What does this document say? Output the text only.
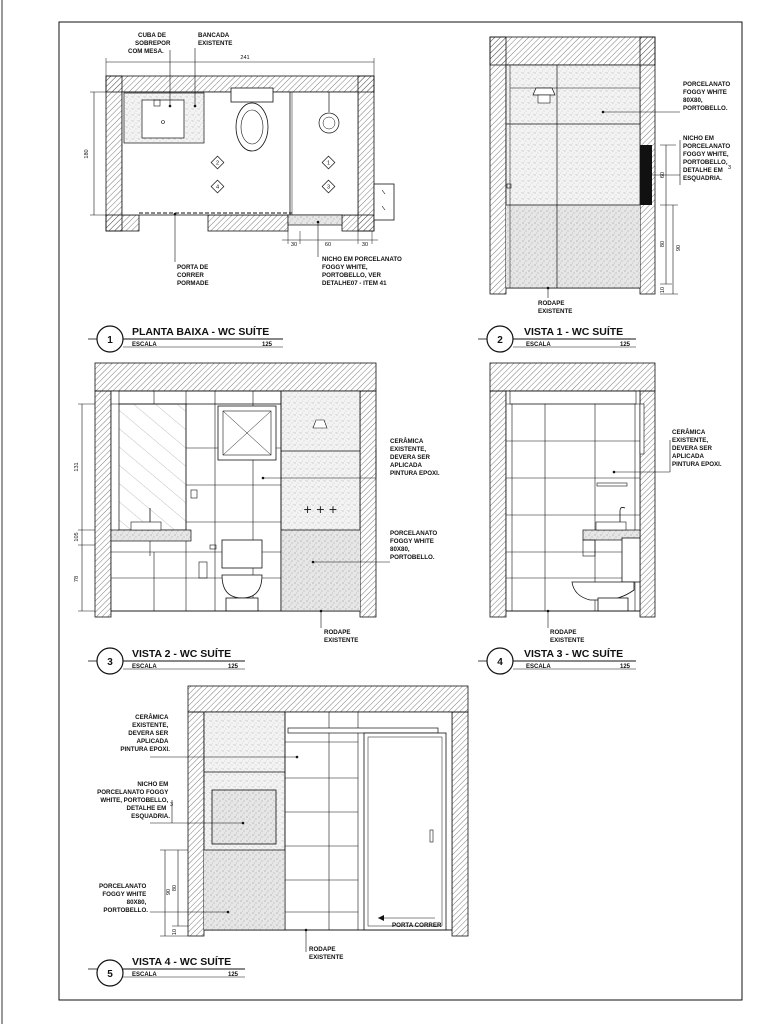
2	1
4	3
241
180
30	60	30
CUBA DE SOBREPOR COM MESA.
BANCADA EXISTENTE
PORTA DE CORRER PORMADE
NICHO EM PORCELANATO FOGGY WHITE, PORTOBELLO, VER DETALHE07 - ITEM 41
60
80
90
10
PORCELANATO FOGGY WHITE 80X80, PORTOBELLO.
NICHO EM PORCELANATO FOGGY WHITE, PORTOBELLO, DETALHE EM ESQUADRIA.
3
RODAPE EXISTENTE
+ + +
131
105
78
CERÂMICA EXISTENTE, DEVERA SER APLICADA PINTURA EPOXI.
PORCELANATO FOGGY WHITE 80X80, PORTOBELLO.
RODAPE EXISTENTE
CERÂMICA EXISTENTE, DEVERA SER APLICADA PINTURA EPOXI.
RODAPE EXISTENTE
90
80
10
CERÂMICA EXISTENTE, DEVERA SER APLICADA PINTURA EPOXI.
NICHO EM PORCELANATO FOGGY WHITE, PORTOBELLO, DETALHE EM ESQUADRIA.
3
PORCELANATO FOGGY WHITE 80X80, PORTOBELLO.
RODAPE EXISTENTE
PORTA CORRER
1
PLANTA BAIXA - WC SUÍTE
ESCALA	125	2
VISTA 1 - WC SUÍTE
ESCALA	125
3
VISTA 2 - WC SUÍTE
ESCALA	125	4
VISTA 3 - WC SUÍTE
ESCALA	125
5
VISTA 4 - WC SUÍTE
ESCALA	125
